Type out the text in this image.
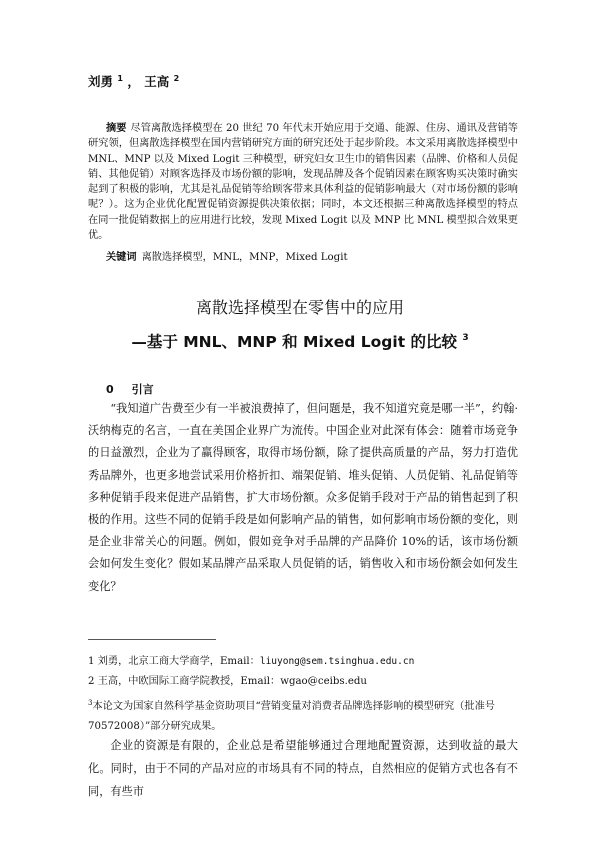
刘勇 $^1$ ， 王高 $^2$

摘要 尽管离散选择模型在 20 世纪 70 年代末开始应用于交通、能源、住房、通讯及营销等研究领，但离散选择模型在国内营销研究方面的研究还处于起步阶段。本文采用离散选择模型中 MNL、MNP 以及 Mixed Logit 三种模型，研究妇女卫生巾的销售因素（品牌、价格和人员促销、其他促销）对顾客选择及市场份额的影响，发现品牌及各个促销因素在顾客购买决策时确实起到了积极的影响，尤其是礼品促销等给顾客带来具体利益的促销影响最大（对市场份额的影响呢？）。这为企业优化配置促销资源提供决策依据；同时，本文还根据三种离散选择模型的特点在同一批促销数据上的应用进行比较，发现 Mixed Logit 以及 MNP 比 MNL 模型拟合效果更优。

关键词 离散选择模型，MNL，MNP，Mixed Logit
离散选择模型在零售中的应用
—基于 MNL、MNP 和 Mixed Logit 的比较 $^3$
0 引言

“我知道广告费至少有一半被浪费掉了，但问题是，我不知道究竟是哪一半”，约翰·沃纳梅克的名言，一直在美国企业界广为流传。中国企业对此深有体会：随着市场竞争的日益激烈，企业为了赢得顾客，取得市场份额，除了提供高质量的产品，努力打造优秀品牌外，也更多地尝试采用价格折扣、端架促销、堆头促销、人员促销、礼品促销等多种促销手段来促进产品销售，扩大市场份额。众多促销手段对于产品的销售起到了积极的作用。这些不同的促销手段是如何影响产品的销售，如何影响市场份额的变化，则是企业非常关心的问题。例如，假如竞争对手品牌的产品降价 10%的话，该市场份额会如何发生变化？假如某品牌产品采取人员促销的话，销售收入和市场份额会如何发生变化？

1 刘勇，北京工商大学商学，Email：liuyong@sem.tsinghua.edu.cn

2 王高，中欧国际工商学院教授，Email：wgao@ceibs.edu

$^3$本论文为国家自然科学基金资助项目“营销变量对消费者品牌选择影响的模型研究（批准号 70572008）”部分研究成果。

企业的资源是有限的，企业总是希望能够通过合理地配置资源，达到收益的最大化。同时，由于不同的产品对应的市场具有不同的特点，自然相应的促销方式也各有不同，有些市
